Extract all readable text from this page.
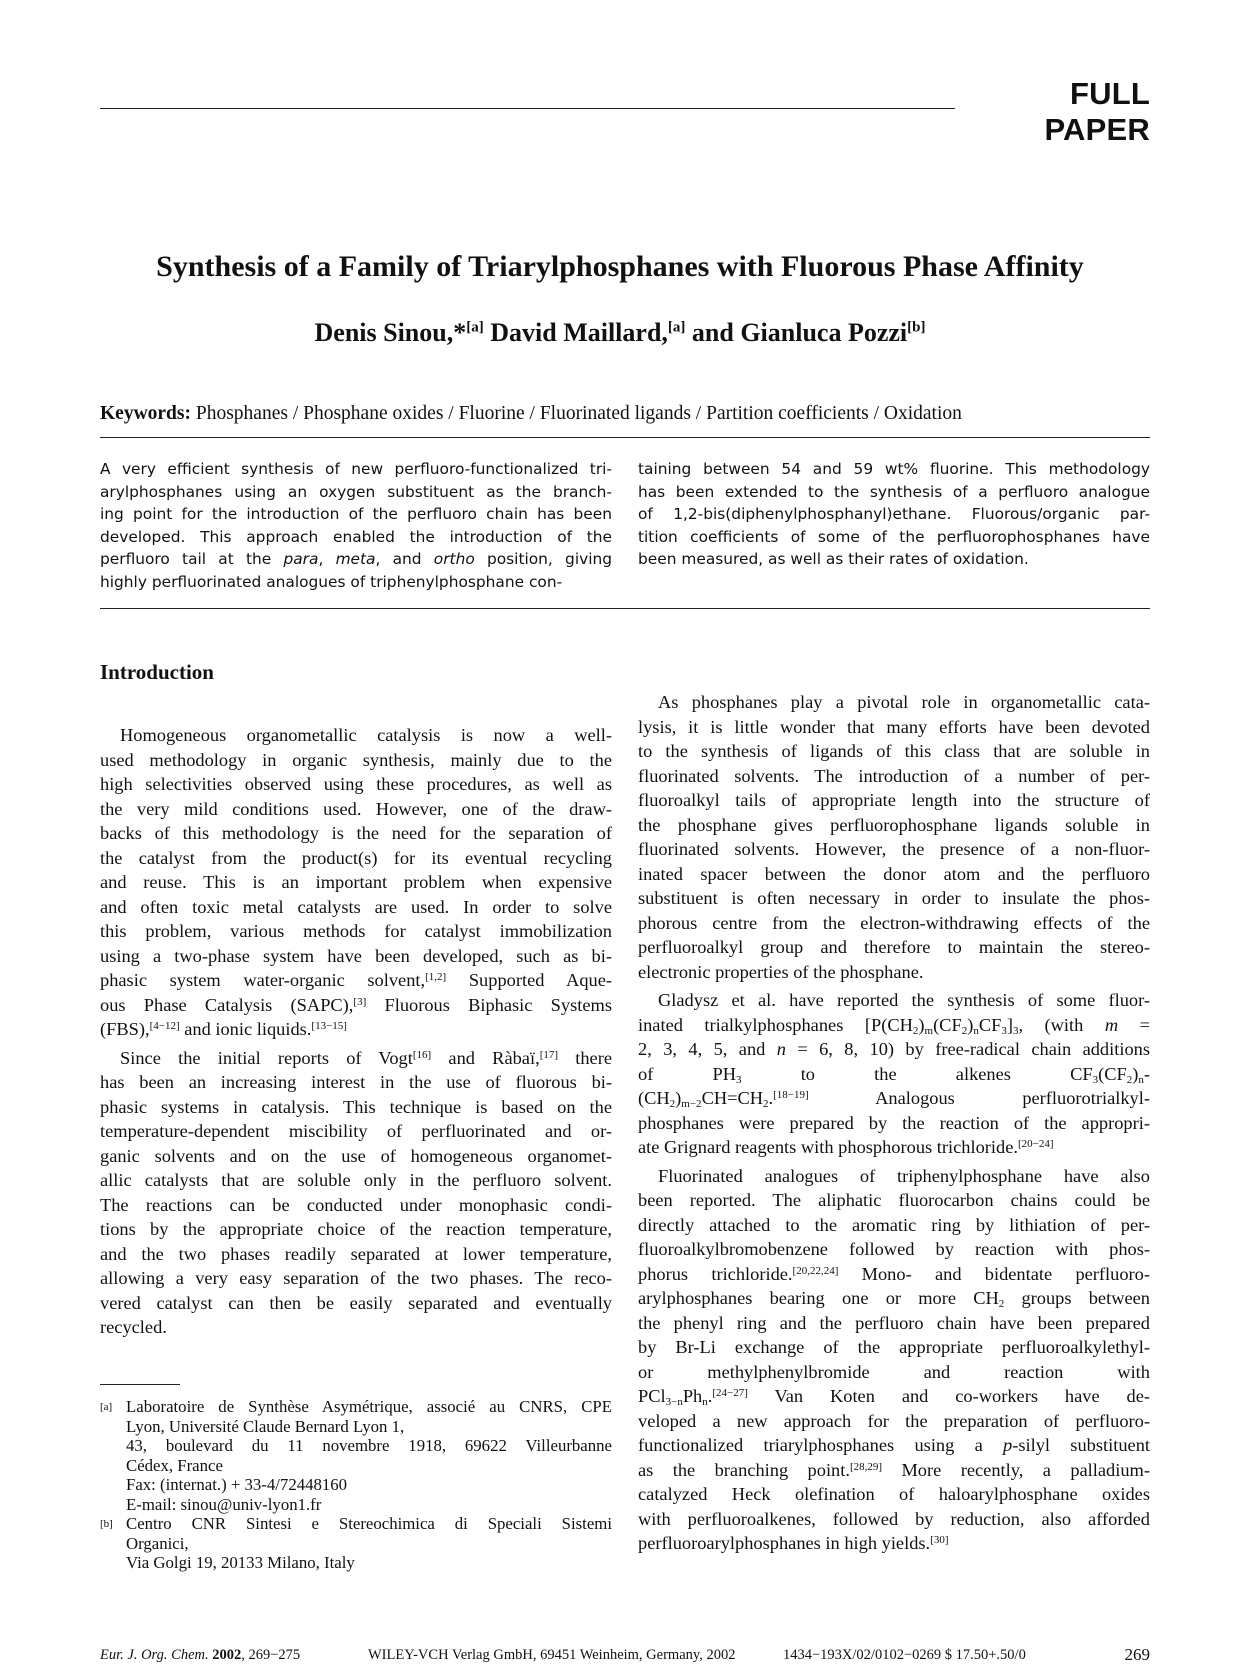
FULL PAPER
Synthesis of a Family of Triarylphosphanes with Fluorous Phase Affinity
Denis Sinou,*[a] David Maillard,[a] and Gianluca Pozzi[b]
Keywords: Phosphanes / Phosphane oxides / Fluorine / Fluorinated ligands / Partition coefficients / Oxidation
A very efficient synthesis of new perfluoro-functionalized tri-
arylphosphanes using an oxygen substituent as the branch-
ing point for the introduction of the perfluoro chain has been
developed. This approach enabled the introduction of the
perfluoro tail at the para, meta, and ortho position, giving
highly perfluorinated analogues of triphenylphosphane con-
taining between 54 and 59 wt% fluorine. This methodology
has been extended to the synthesis of a perfluoro analogue
of 1,2-bis(diphenylphosphanyl)ethane. Fluorous/organic par-
tition coefficients of some of the perfluorophosphanes have
been measured, as well as their rates of oxidation.
Introduction
Homogeneous organometallic catalysis is now a well-
used methodology in organic synthesis, mainly due to the
high selectivities observed using these procedures, as well as
the very mild conditions used. However, one of the draw-
backs of this methodology is the need for the separation of
the catalyst from the product(s) for its eventual recycling
and reuse. This is an important problem when expensive
and often toxic metal catalysts are used. In order to solve
this problem, various methods for catalyst immobilization
using a two-phase system have been developed, such as bi-
phasic system water-organic solvent,[1,2] Supported Aque-
ous Phase Catalysis (SAPC),[3] Fluorous Biphasic Systems
(FBS),[4−12] and ionic liquids.[13−15]
Since the initial reports of Vogt[16] and Ràbaï,[17] there
has been an increasing interest in the use of fluorous bi-
phasic systems in catalysis. This technique is based on the
temperature-dependent miscibility of perfluorinated and or-
ganic solvents and on the use of homogeneous organomet-
allic catalysts that are soluble only in the perfluoro solvent.
The reactions can be conducted under monophasic condi-
tions by the appropriate choice of the reaction temperature,
and the two phases readily separated at lower temperature,
allowing a very easy separation of the two phases. The reco-
vered catalyst can then be easily separated and eventually
recycled.
As phosphanes play a pivotal role in organometallic cata-
lysis, it is little wonder that many efforts have been devoted
to the synthesis of ligands of this class that are soluble in
fluorinated solvents. The introduction of a number of per-
fluoroalkyl tails of appropriate length into the structure of
the phosphane gives perfluorophosphane ligands soluble in
fluorinated solvents. However, the presence of a non-fluor-
inated spacer between the donor atom and the perfluoro
substituent is often necessary in order to insulate the phos-
phorous centre from the electron-withdrawing effects of the
perfluoroalkyl group and therefore to maintain the stereo-
electronic properties of the phosphane.
Gladysz et al. have reported the synthesis of some fluor-
inated trialkylphosphanes $[P(CH_2)_m(CF_2)_nCF_3]_3$, (with m =
2, 3, 4, 5, and n = 6, 8, 10) by free-radical chain additions
of $PH_3$ to the alkenes $CF_3(CF_2)_n-$
$(CH_2)_{m-2}CH=CH_2.[18-19]$ Analogous perfluorotrialkyl-
phosphanes were prepared by the reaction of the appropri-
ate Grignard reagents with phosphorous trichloride.[20−24]
Fluorinated analogues of triphenylphosphane have also
been reported. The aliphatic fluorocarbon chains could be
directly attached to the aromatic ring by lithiation of per-
fluoroalkylbromobenzene followed by reaction with phos-
phorus trichloride.[20,22,24] Mono- and bidentate perfluoro-
arylphosphanes bearing one or more $CH_2$ groups between
the phenyl ring and the perfluoro chain have been prepared
by Br-Li exchange of the appropriate perfluoroalkylethyl-
or methylphenylbromide and reaction with
$PCl_{3-n}Ph_n.[24-27]$ Van Koten and co-workers have de-
veloped a new approach for the preparation of perfluoro-
functionalized triarylphosphanes using a p-silyl substituent
as the branching point.[28,29] More recently, a palladium-
catalyzed Heck olefination of haloarylphosphane oxides
with perfluoroalkenes, followed by reduction, also afforded
perfluoroarylphosphanes in high yields.[30]
[a] Laboratoire de Synthèse Asymétrique, associé au CNRS, CPE
Lyon, Université Claude Bernard Lyon 1,
43, boulevard du 11 novembre 1918, 69622 Villeurbanne
Cédex, France
Fax: (internat.) + 33-4/72448160
E-mail: sinou@univ-lyon1.fr
[b] Centro CNR Sintesi e Stereochimica di Speciali Sistemi
Organici,
Via Golgi 19, 20133 Milano, Italy
Eur. J. Org. Chem. 2002, 269−275	WILEY-VCH Verlag GmbH, 69451 Weinheim, Germany, 2002	1434−193X/02/0102−0269 $ 17.50+.50/0	269
